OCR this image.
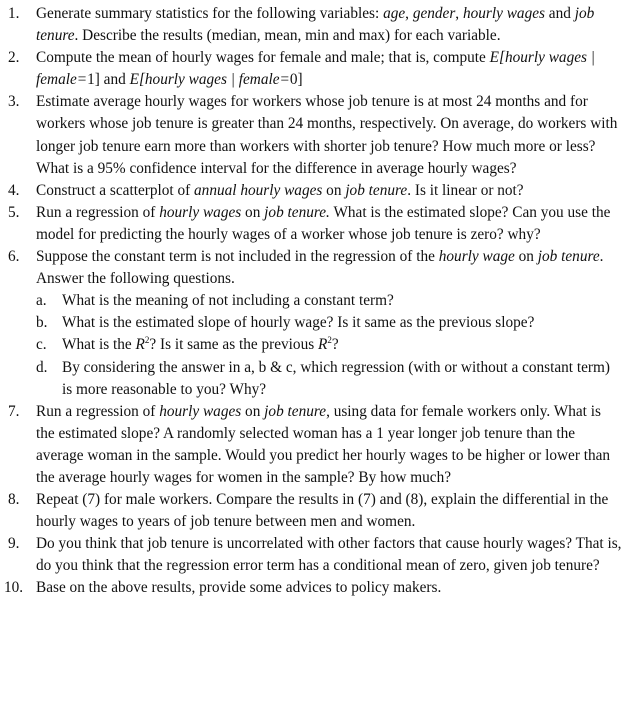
1.	Generate summary statistics for the following variables: age, gender, hourly wages and job tenure. Describe the results (median, mean, min and max) for each variable.
2.	Compute the mean of hourly wages for female and male; that is, compute E[hourly wages | female=1] and E[hourly wages | female=0]
3.	Estimate average hourly wages for workers whose job tenure is at most 24 months and for workers whose job tenure is greater than 24 months, respectively. On average, do workers with longer job tenure earn more than workers with shorter job tenure? How much more or less? What is a 95% confidence interval for the difference in average hourly wages?
4.	Construct a scatterplot of annual hourly wages on job tenure. Is it linear or not?
5.	Run a regression of hourly wages on job tenure. What is the estimated slope? Can you use the model for predicting the hourly wages of a worker whose job tenure is zero? why?
6.	Suppose the constant term is not included in the regression of the hourly wage on job tenure. Answer the following questions.
a. What is the meaning of not including a constant term?
b. What is the estimated slope of hourly wage? Is it same as the previous slope?
c. What is the $R^2$? Is it same as the previous $R^2$?
d. By considering the answer in a, b & c, which regression (with or without a constant term) is more reasonable to you? Why?
7.	Run a regression of hourly wages on job tenure, using data for female workers only. What is the estimated slope? A randomly selected woman has a 1 year longer job tenure than the average woman in the sample. Would you predict her hourly wages to be higher or lower than the average hourly wages for women in the sample? By how much?
8.	Repeat (7) for male workers. Compare the results in (7) and (8), explain the differential in the hourly wages to years of job tenure between men and women.
9.	Do you think that job tenure is uncorrelated with other factors that cause hourly wages? That is, do you think that the regression error term has a conditional mean of zero, given job tenure?
10. Base on the above results, provide some advices to policy makers.
